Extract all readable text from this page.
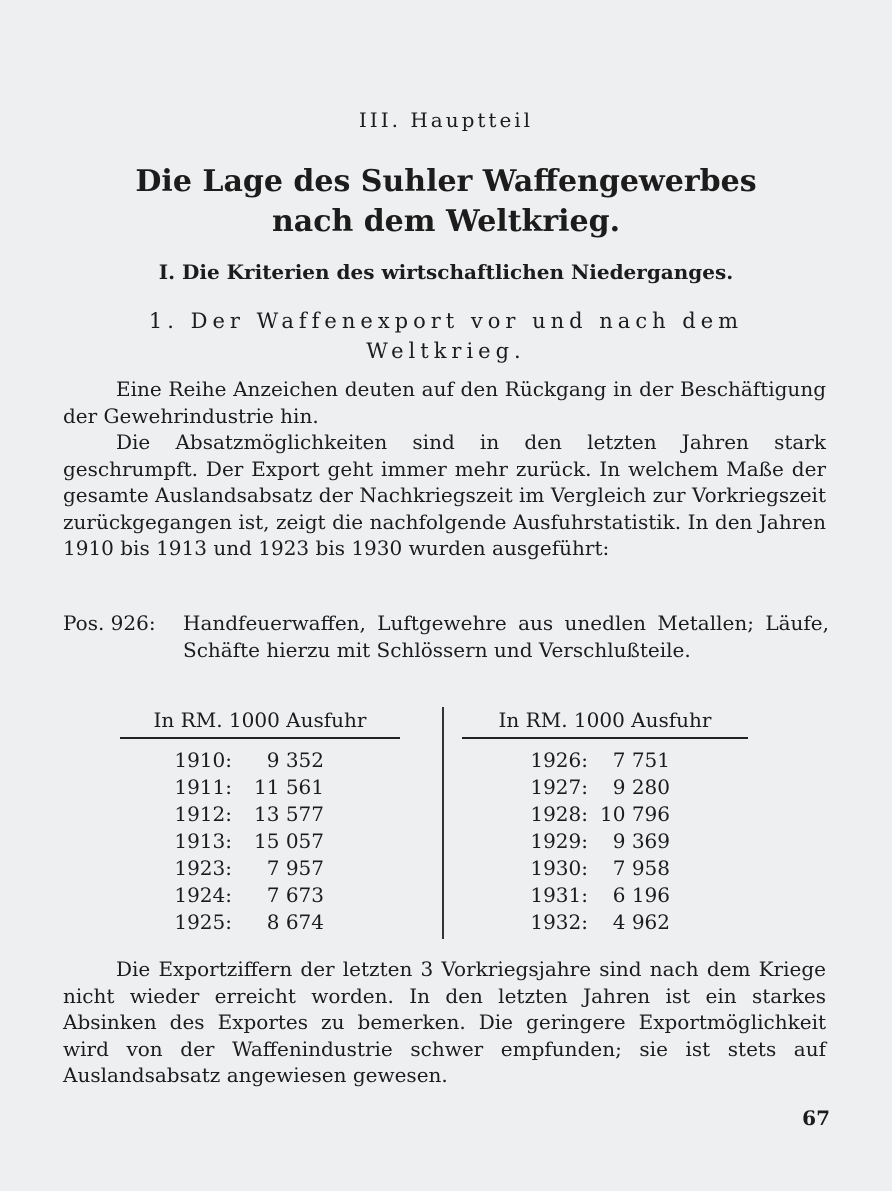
III. Hauptteil
Die Lage des Suhler Waffengewerbes
nach dem Weltkrieg.
I. Die Kriterien des wirtschaftlichen Niederganges.
1. Der Waffenexport vor und nach dem Weltkrieg.

Eine Reihe Anzeichen deuten auf den Rückgang in der Beschäftigung der Gewehrindustrie hin.

Die Absatzmöglichkeiten sind in den letzten Jahren stark geschrumpft. Der Export geht immer mehr zurück. In welchem Maße der gesamte Auslandsabsatz der Nachkriegszeit im Vergleich zur Vorkriegszeit zurückgegangen ist, zeigt die nachfolgende Ausfuhrstatistik. In den Jahren 1910 bis 1913 und 1923 bis 1930 wurden ausgeführt:

Pos. 926: Handfeuerwaffen, Luftgewehre aus unedlen Metallen; Läufe, Schäfte hierzu mit Schlössern und Verschlußteile.
In RM. 1000 Ausfuhr
1910:	9 352
1911:	11 561
1912:	13 577
1913:	15 057
1923:	7 957
1924:	7 673
1925:	8 674
In RM. 1000 Ausfuhr
1926:	7 751
1927:	9 280
1928: 10 796
1929:	9 369
1930:	7 958
1931:	6 196
1932:	4 962

Die Exportziffern der letzten 3 Vorkriegsjahre sind nach dem Kriege nicht wieder erreicht worden. In den letzten Jahren ist ein starkes Absinken des Exportes zu bemerken. Die geringere Exportmöglichkeit wird von der Waffenindustrie schwer empfunden; sie ist stets auf Auslandsabsatz angewiesen gewesen.

67
